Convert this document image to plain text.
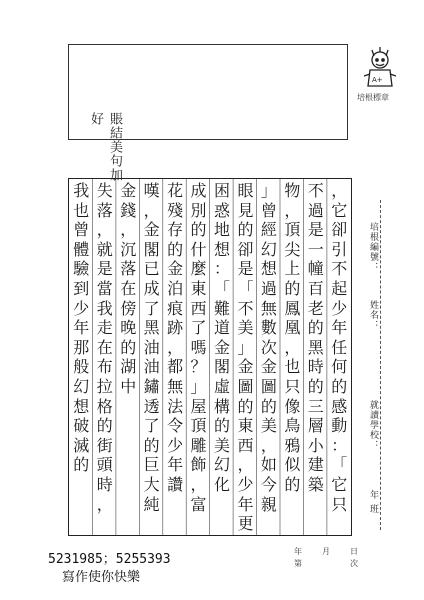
A+
培根標章
培根編號：
姓名：
就讀學校：
年 班
賬結美句加好
，
它
卻
引
不
起
少
年
任
何
的
感
動
：
「
它
只
不
過
是
一
幢
百
老
的
黑
時
的
三
層
小
建
築
物
，
頂
尖
上
的
鳳
凰
，
也
只
像
鳥
鴉
似
的
」
曾
經
幻
想
過
無
數
次
金
圖
的
美
，
如
今
親
眼
見
的
卻
是
「
不
美
」
金
圖
的
東
西
，
少
年
更
困
惑
地
想
：
「
難
道
金
閣
虛
構
的
美
幻
化
成
別
的
什
麼
東
西
了
嗎
？
」
屋
頂
雕
飾
，
富
花
殘
存
的
金
泊
痕
跡
，
都
無
法
令
少
年
讚
嘆
，
金
閣
已
成
了
黑
油
油
鏽
透
了
的
巨
大
純
金
錢
，
沉
落
在
傍
晚
的
湖
中
失
落
，
就
是
當
我
走
在
布
拉
格
的
街
頭
時
，
我
也
曾
體
驗
到
少
年
那
般
幻
想
破
滅
的
5231985；5255393
寫作使你快樂
年	月	日
第	次
